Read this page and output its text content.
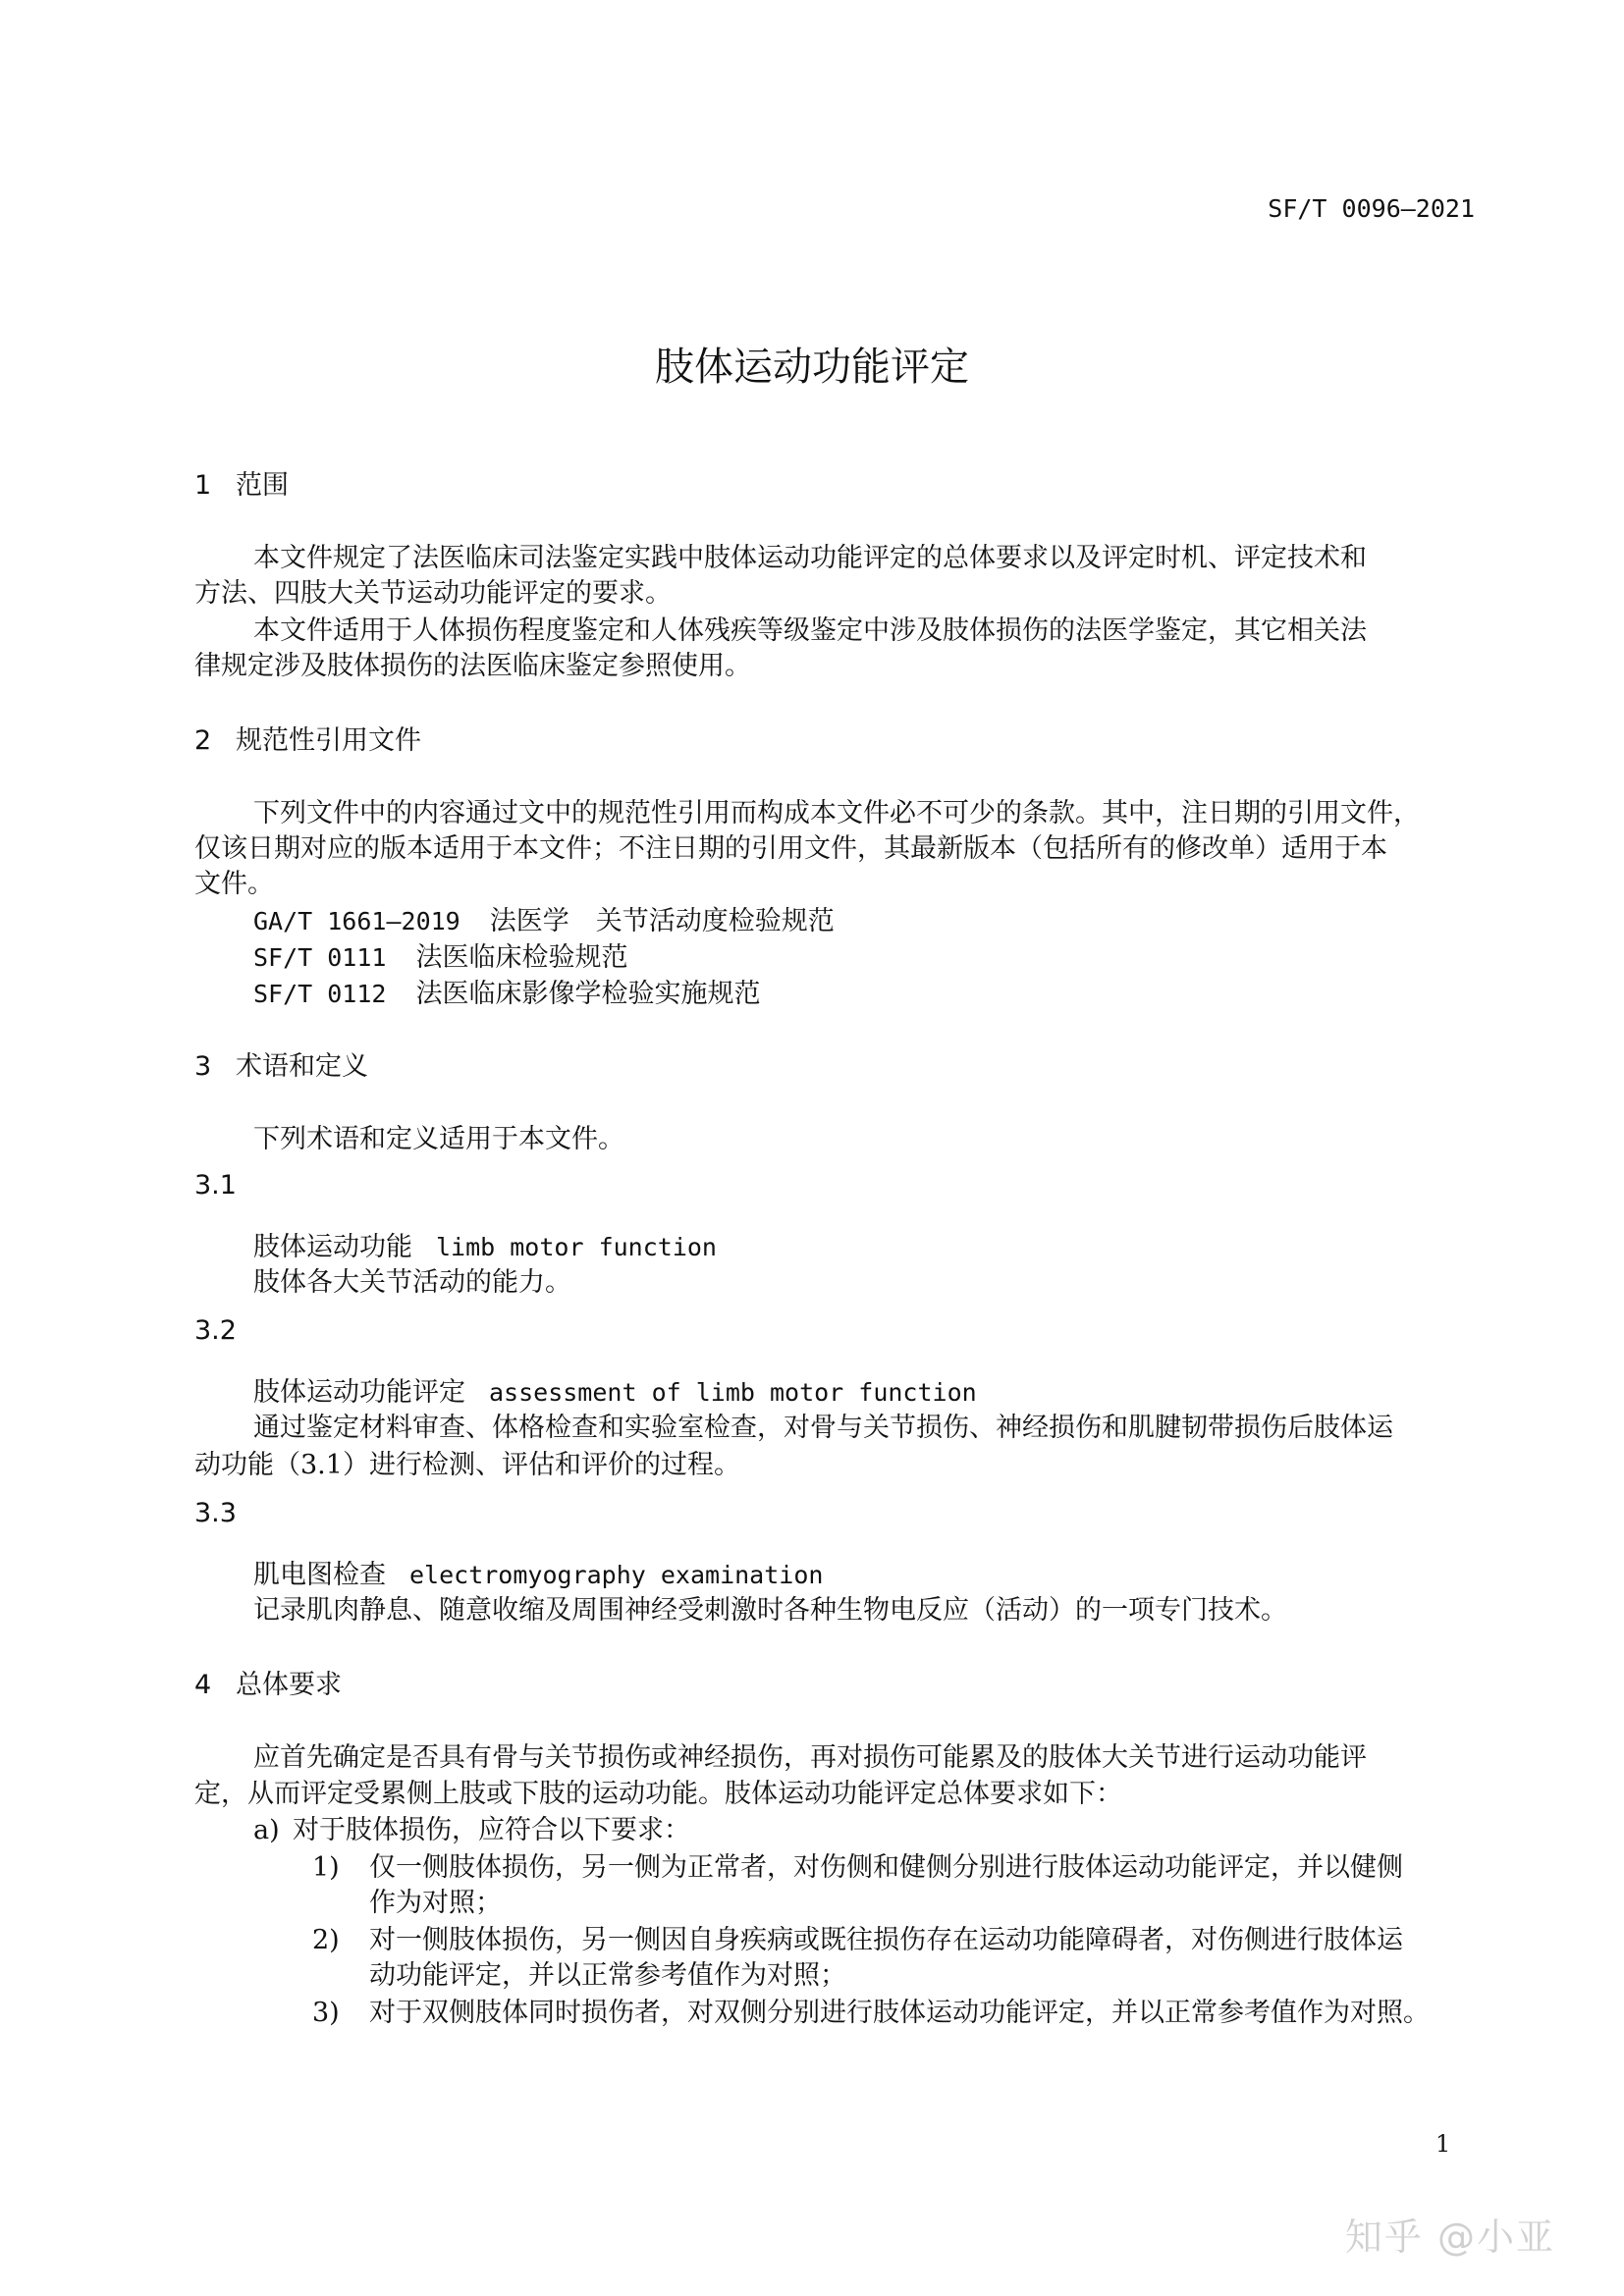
SF/T 0096—2021
肢体运动功能评定
1 范围
本文件规定了法医临床司法鉴定实践中肢体运动功能评定的总体要求以及评定时机、评定技术和
方法、四肢大关节运动功能评定的要求。
本文件适用于人体损伤程度鉴定和人体残疾等级鉴定中涉及肢体损伤的法医学鉴定，其它相关法
律规定涉及肢体损伤的法医临床鉴定参照使用。
2 规范性引用文件
下列文件中的内容通过文中的规范性引用而构成本文件必不可少的条款。其中，注日期的引用文件，
仅该日期对应的版本适用于本文件；不注日期的引用文件，其最新版本（包括所有的修改单）适用于本
文件。
GA/T 1661—2019 法医学　关节活动度检验规范
SF/T 0111 法医临床检验规范
SF/T 0112 法医临床影像学检验实施规范
3 术语和定义
下列术语和定义适用于本文件。
3.1
肢体运动功能 limb motor function
肢体各大关节活动的能力。
3.2
肢体运动功能评定 assessment of limb motor function
通过鉴定材料审查、体格检查和实验室检查，对骨与关节损伤、神经损伤和肌腱韧带损伤后肢体运
动功能（3.1）进行检测、评估和评价的过程。
3.3
肌电图检查 electromyography examination
记录肌肉静息、随意收缩及周围神经受刺激时各种生物电反应（活动）的一项专门技术。
4 总体要求
应首先确定是否具有骨与关节损伤或神经损伤，再对损伤可能累及的肢体大关节进行运动功能评
定，从而评定受累侧上肢或下肢的运动功能。肢体运动功能评定总体要求如下：
a) 对于肢体损伤，应符合以下要求：
1) 仅一侧肢体损伤，另一侧为正常者，对伤侧和健侧分别进行肢体运动功能评定，并以健侧
作为对照；
2) 对一侧肢体损伤，另一侧因自身疾病或既往损伤存在运动功能障碍者，对伤侧进行肢体运
动功能评定，并以正常参考值作为对照；
3) 对于双侧肢体同时损伤者，对双侧分别进行肢体运动功能评定，并以正常参考值作为对照。
1
知乎 @小亚
